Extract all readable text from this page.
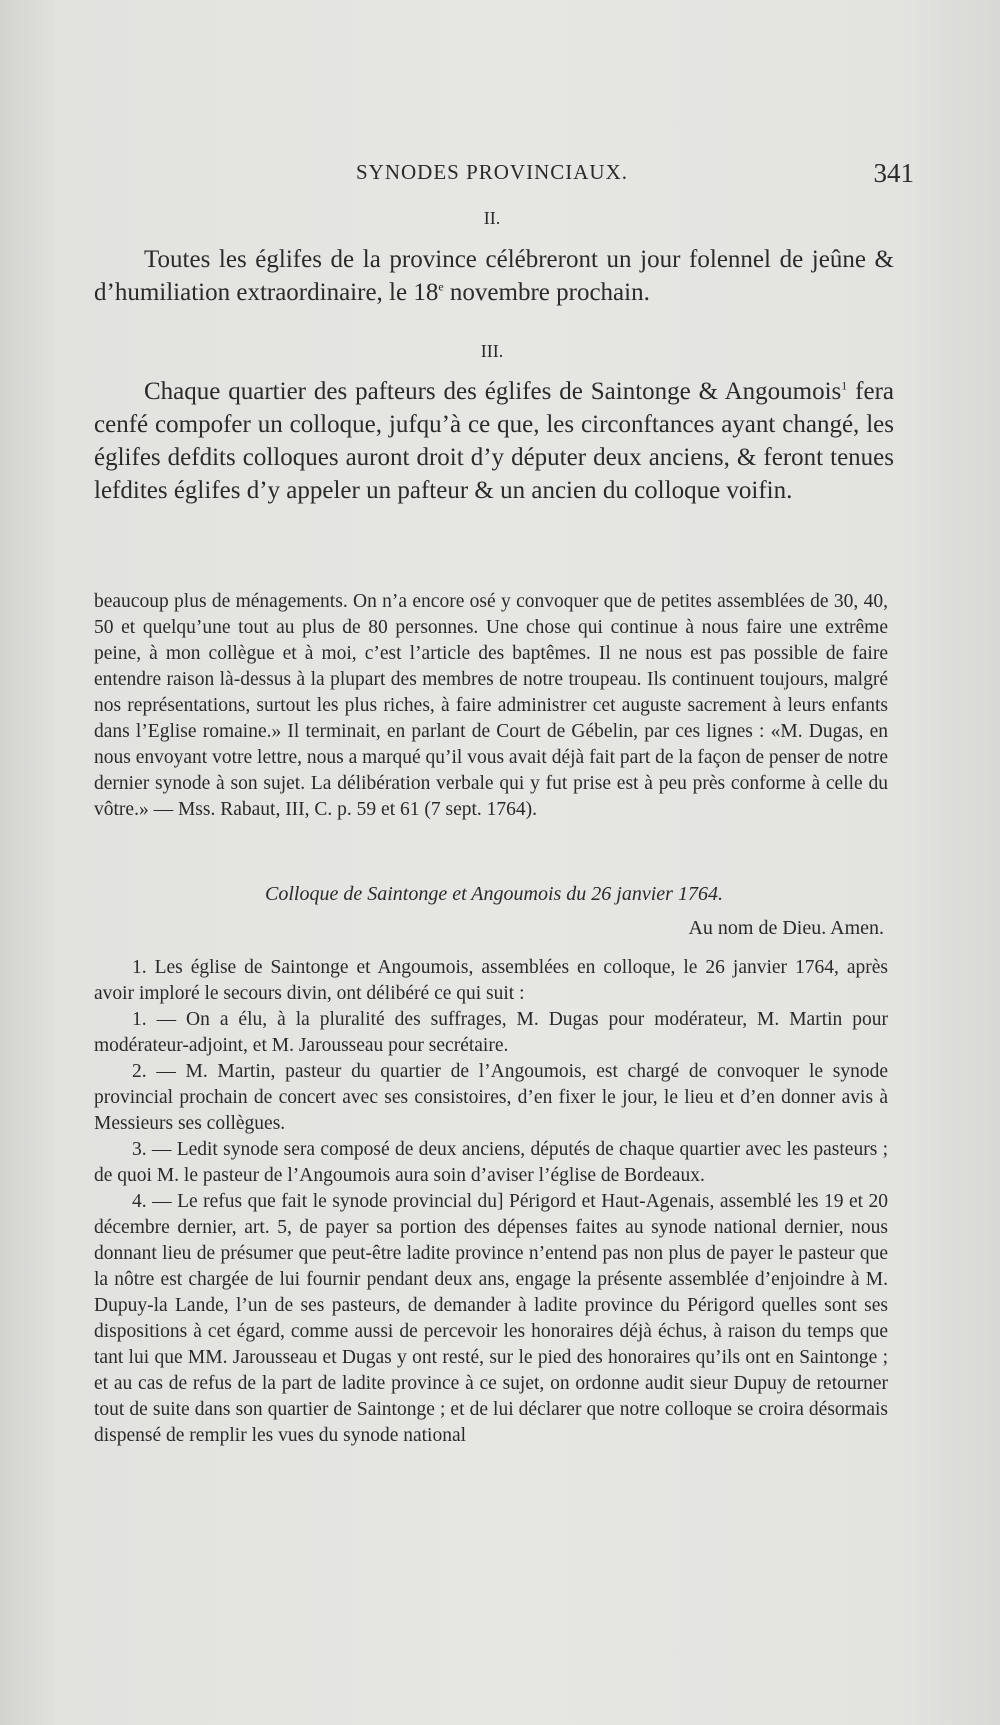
SYNODES PROVINCIAUX.	341
II.

Toutes les églifes de la province célébreront un jour folennel de jeûne & d’humiliation extraordinaire, le 18e novembre prochain.

III.

Chaque quartier des pafteurs des églifes de Saintonge & Angoumois$^1$ fera cenfé compofer un colloque, jufqu’à ce que, les circonftances ayant changé, les églifes defdits colloques auront droit d’y députer deux anciens, & feront tenues lefdites églifes d’y appeler un pafteur & un ancien du colloque voifin.

beaucoup plus de ménagements. On n’a encore osé y convoquer que de petites assemblées de 30, 40, 50 et quelqu’une tout au plus de 80 personnes. Une chose qui continue à nous faire une extrême peine, à mon collègue et à moi, c’est l’article des baptêmes. Il ne nous est pas possible de faire entendre raison là-dessus à la plupart des membres de notre troupeau. Ils continuent toujours, malgré nos représentations, surtout les plus riches, à faire administrer cet auguste sacrement à leurs enfants dans l’Eglise romaine.» Il terminait, en parlant de Court de Gébelin, par ces lignes : «M. Dugas, en nous envoyant votre lettre, nous a marqué qu’il vous avait déjà fait part de la façon de penser de notre dernier synode à son sujet. La délibération verbale qui y fut prise est à peu près conforme à celle du vôtre.» — Mss. Rabaut, III, C. p. 59 et 61 (7 sept. 1764).

Colloque de Saintonge et Angoumois du 26 janvier 1764.
Au nom de Dieu. Amen.

1. Les église de Saintonge et Angoumois, assemblées en colloque, le 26 janvier 1764, après avoir imploré le secours divin, ont délibéré ce qui suit :

1. — On a élu, à la pluralité des suffrages, M. Dugas pour modérateur, M. Martin pour modérateur-adjoint, et M. Jarousseau pour secrétaire.

2. — M. Martin, pasteur du quartier de l’Angoumois, est chargé de convoquer le synode provincial prochain de concert avec ses consistoires, d’en fixer le jour, le lieu et d’en donner avis à Messieurs ses collègues.

3. — Ledit synode sera composé de deux anciens, députés de chaque quartier avec les pasteurs ; de quoi M. le pasteur de l’Angoumois aura soin d’aviser l’église de Bordeaux.

4. — Le refus que fait le synode provincial du] Périgord et Haut-Agenais, assemblé les 19 et 20 décembre dernier, art. 5, de payer sa portion des dépenses faites au synode national dernier, nous donnant lieu de présumer que peut-être ladite province n’entend pas non plus de payer le pasteur que la nôtre est chargée de lui fournir pendant deux ans, engage la présente assemblée d’enjoindre à M. Dupuy-la Lande, l’un de ses pasteurs, de demander à ladite province du Périgord quelles sont ses dispositions à cet égard, comme aussi de percevoir les honoraires déjà échus, à raison du temps que tant lui que MM. Jarousseau et Dugas y ont resté, sur le pied des honoraires qu’ils ont en Saintonge ; et au cas de refus de la part de ladite province à ce sujet, on ordonne audit sieur Dupuy de retourner tout de suite dans son quartier de Saintonge ; et de lui déclarer que notre colloque se croira désormais dispensé de remplir les vues du synode national
